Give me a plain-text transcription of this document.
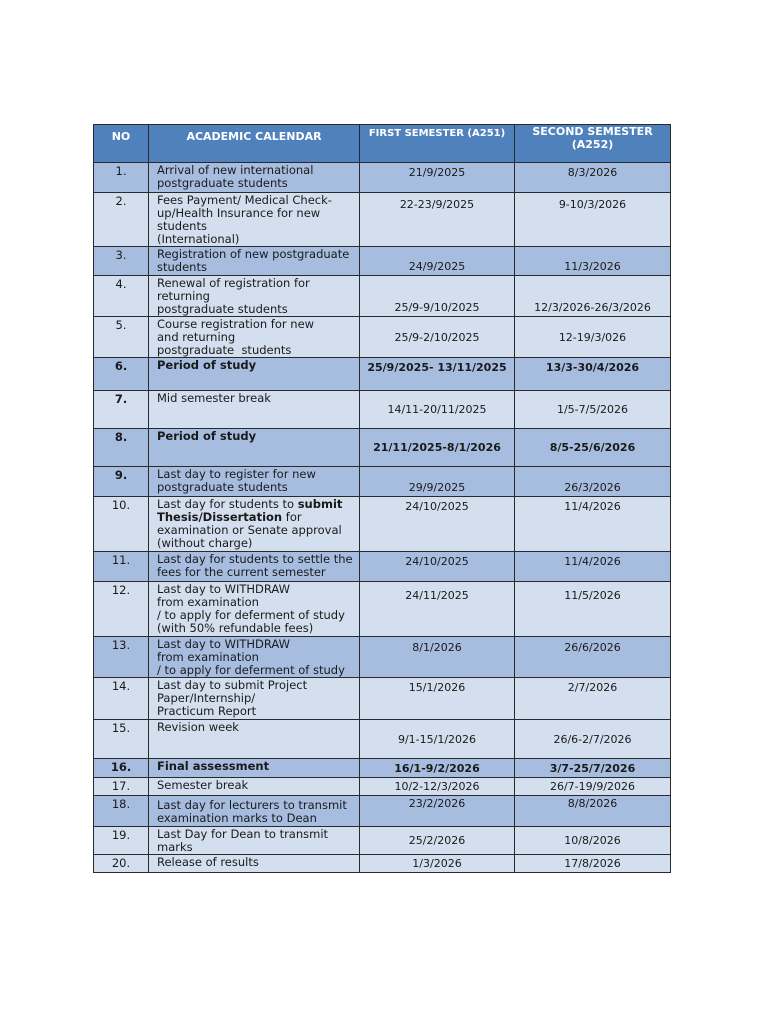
NO	ACADEMIC CALENDAR	FIRST SEMESTER (A251)	SECOND SEMESTER
(A252)

1.	Arrival of new international
postgraduate students	21/9/2025	8/3/2026
2.	Fees Payment/ Medical Check-
up/Health Insurance for new
students
(International)	22-23/9/2025	9-10/3/2026
3.	Registration of new postgraduate
students	24/9/2025	11/3/2026
4.	Renewal of registration for returning
postgraduate students	25/9-9/10/2025	12/3/2026-26/3/2026
5.	Course registration for new
and returning
postgraduate  students	25/9-2/10/2025	12-19/3/026
6.	Period of study	25/9/2025- 13/11/2025	13/3-30/4/2026
7.	Mid semester break	14/11-20/11/2025	1/5-7/5/2026
8.	Period of study	21/11/2025-8/1/2026	8/5-25/6/2026
9.	Last day to register for new
postgraduate students	29/9/2025	26/3/2026
10.	Last day for students to submit
Thesis/Dissertation for
examination or Senate approval
(without charge)	24/10/2025	11/4/2026
11.	Last day for students to settle the
fees for the current semester	24/10/2025	11/4/2026
12.	Last day to WITHDRAW
from examination
/ to apply for deferment of study
(with 50% refundable fees)	24/11/2025	11/5/2026
13.	Last day to WITHDRAW
from examination
/ to apply for deferment of study	8/1/2026	26/6/2026
14.	Last day to submit Project
Paper/Internship/
Practicum Report	15/1/2026	2/7/2026
15.	Revision week	9/1-15/1/2026	26/6-2/7/2026
16.	Final assessment	16/1-9/2/2026	3/7-25/7/2026
17.	Semester break	10/2-12/3/2026	26/7-19/9/2026
18.	Last day for lecturers to transmit
examination marks to Dean	23/2/2026	8/8/2026
19.	Last Day for Dean to transmit marks	25/2/2026	10/8/2026
20.	Release of results	1/3/2026	17/8/2026
